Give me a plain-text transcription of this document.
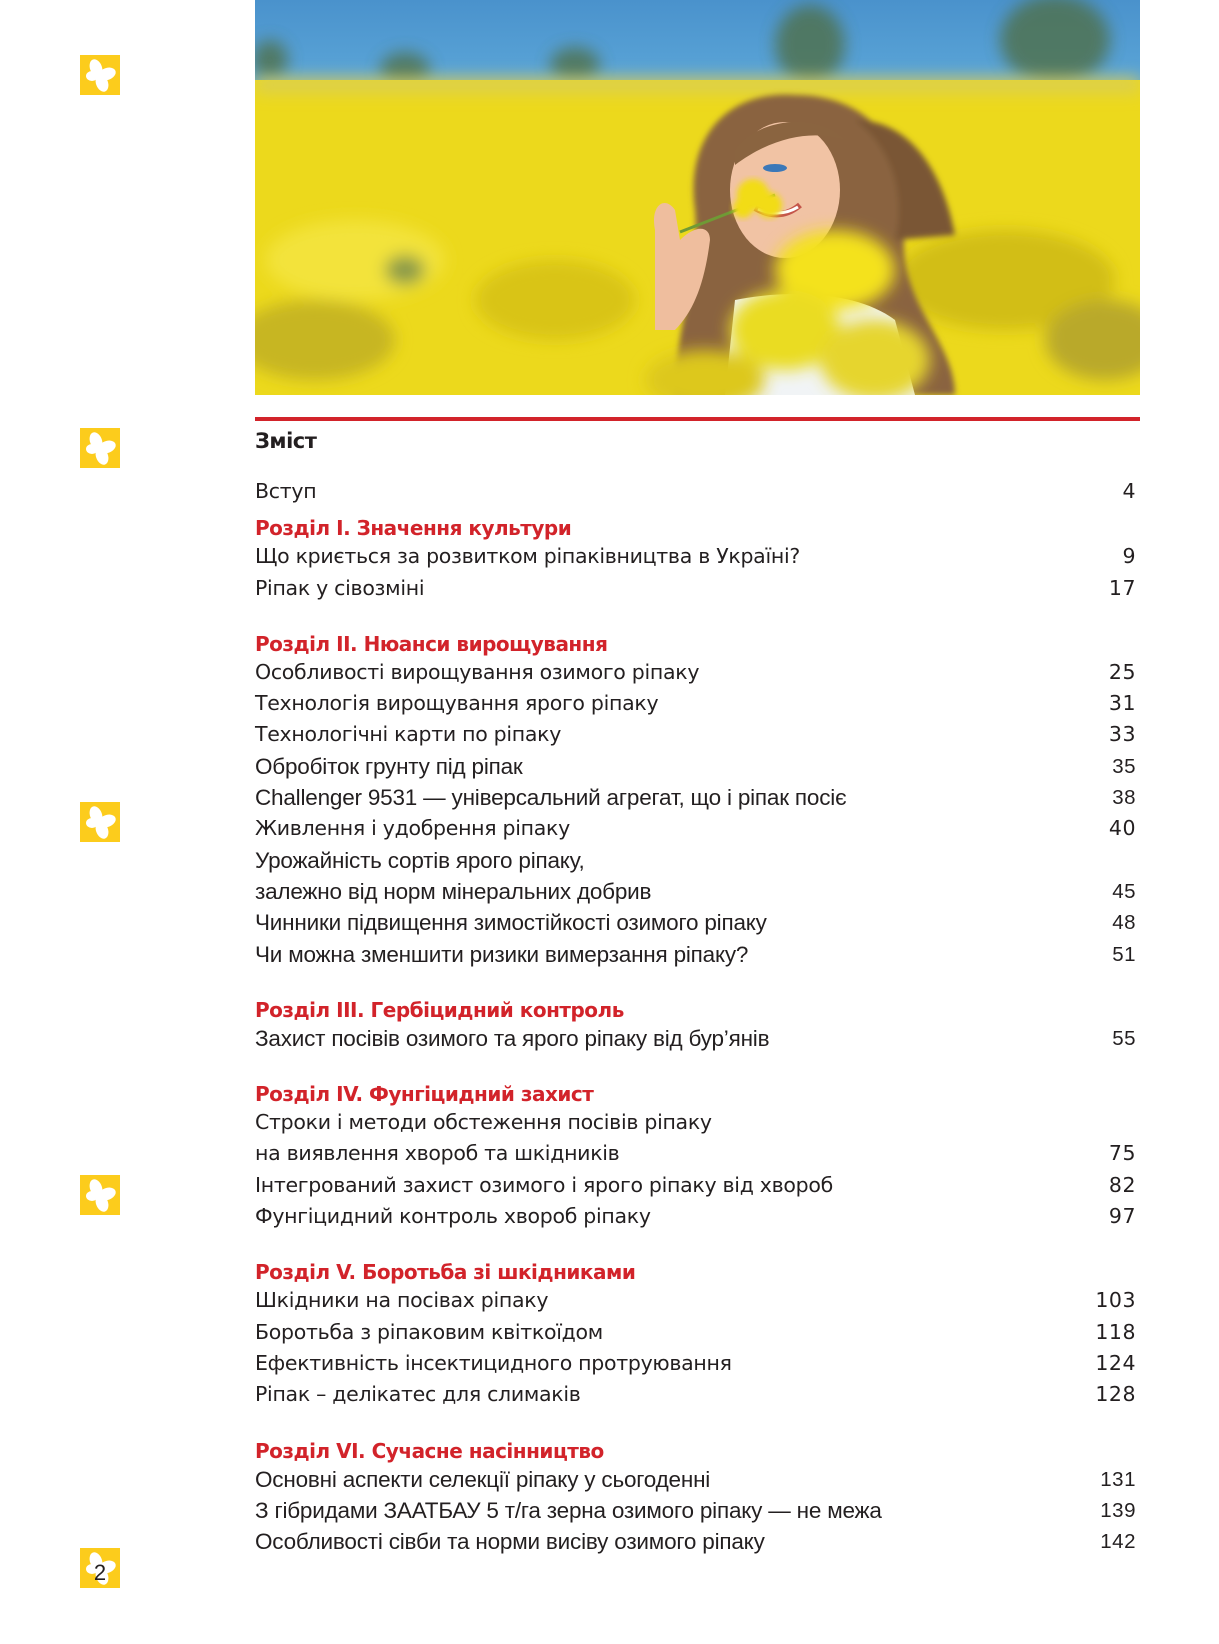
2
Зміст
Вступ	4
Розділ I. Значення культури
Що криється за розвитком ріпаківництва в Україні?	9
Ріпак у сівозміні	17
Розділ II. Нюанси вирощування
Особливості вирощування озимого ріпаку	25
Технологія вирощування ярого ріпаку	31
Технологічні карти по ріпаку	33
Обробіток грунту під ріпак	35
Challenger 9531 — універсальний агрегат, що і ріпак посіє	38
Живлення і удобрення ріпаку	40
Урожайність сортів ярого ріпаку,
залежно від норм мінеральних добрив	45
Чинники підвищення зимостійкості озимого ріпаку	48
Чи можна зменшити ризики вимерзання ріпаку?	51
Розділ III. Гербіцидний контроль
Захист посівів озимого та ярого ріпаку від бур’янів	55
Розділ IV. Фунгіцидний захист
Строки і методи обстеження посівів ріпаку
на виявлення хвороб та шкідників	75
Інтегрований захист озимого і ярого ріпаку від хвороб	82
Фунгіцидний контроль хвороб ріпаку	97
Розділ V. Боротьба зі шкідниками
Шкідники на посівах ріпаку	103
Боротьба з ріпаковим квіткоїдом	118
Ефективність інсектицидного протруювання	124
Ріпак – делікатес для слимаків	128
Розділ VI. Сучасне насінництво
Основні аспекти селекції ріпаку у сьогоденні	131
З гібридами ЗААТБАУ 5 т/га зерна озимого ріпаку — не межа	139
Особливості сівби та норми висіву озимого ріпаку	142
